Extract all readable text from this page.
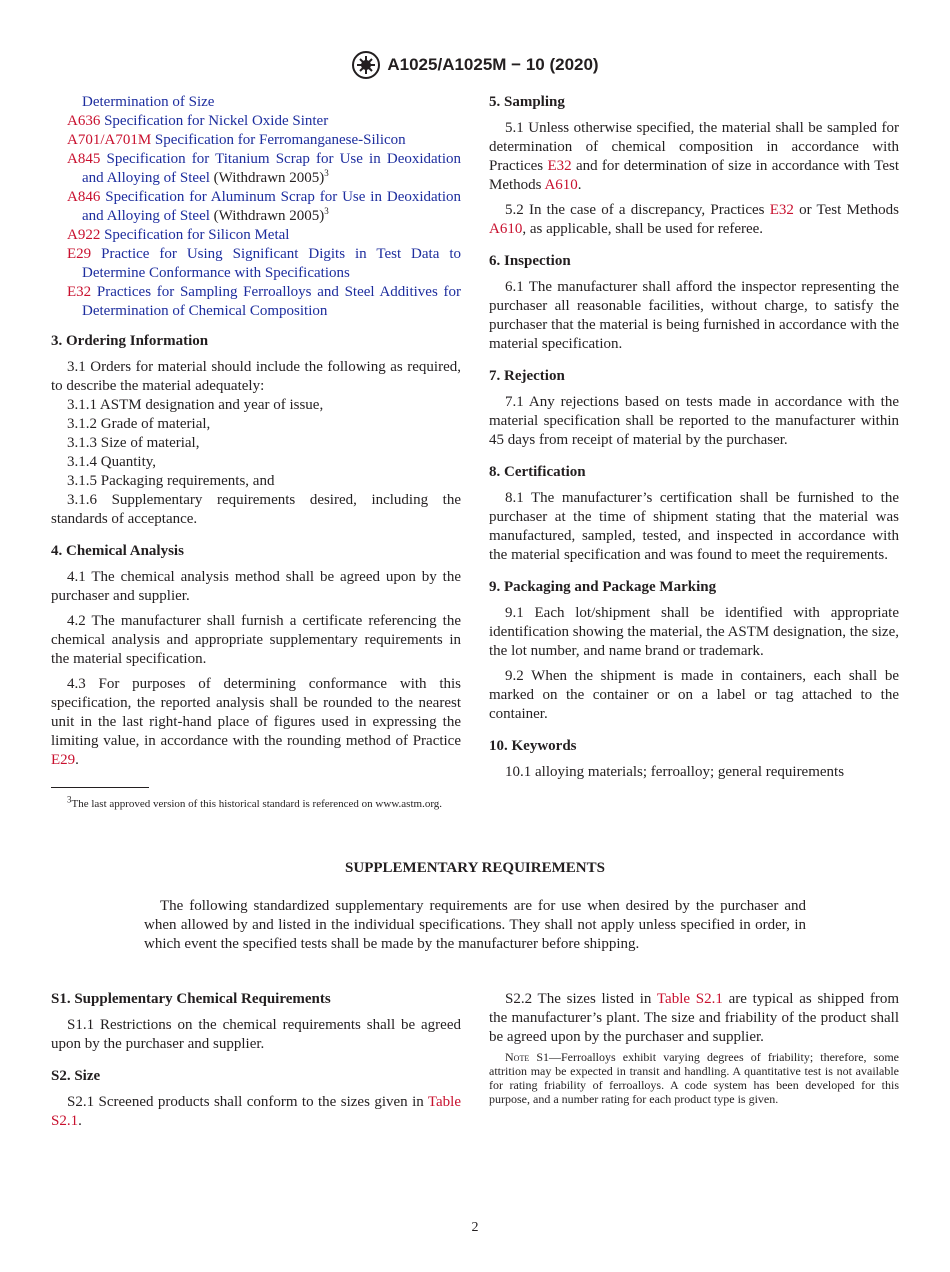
A1025/A1025M − 10 (2020)
Determination of Size
A636 Specification for Nickel Oxide Sinter
A701/A701M Specification for Ferromanganese-Silicon
A845 Specification for Titanium Scrap for Use in Deoxidation and Alloying of Steel (Withdrawn 2005)$^3$
A846 Specification for Aluminum Scrap for Use in Deoxidation and Alloying of Steel (Withdrawn 2005)$^3$
A922 Specification for Silicon Metal
E29 Practice for Using Significant Digits in Test Data to Determine Conformance with Specifications
E32 Practices for Sampling Ferroalloys and Steel Additives for Determination of Chemical Composition
3. Ordering Information

3.1 Orders for material should include the following as required, to describe the material adequately:

3.1.1 ASTM designation and year of issue,
3.1.2 Grade of material,
3.1.3 Size of material,
3.1.4 Quantity,
3.1.5 Packaging requirements, and
3.1.6 Supplementary requirements desired, including the standards of acceptance.
4. Chemical Analysis

4.1 The chemical analysis method shall be agreed upon by the purchaser and supplier.

4.2 The manufacturer shall furnish a certificate referencing the chemical analysis and appropriate supplementary requirements in the material specification.

4.3 For purposes of determining conformance with this specification, the reported analysis shall be rounded to the nearest unit in the last right-hand place of figures used in expressing the limiting value, in accordance with the rounding method of Practice E29.

$^3$The last approved version of this historical standard is referenced on www.astm.org.

5. Sampling

5.1 Unless otherwise specified, the material shall be sampled for determination of chemical composition in accordance with Practices E32 and for determination of size in accordance with Test Methods A610.

5.2 In the case of a discrepancy, Practices E32 or Test Methods A610, as applicable, shall be used for referee.

6. Inspection

6.1 The manufacturer shall afford the inspector representing the purchaser all reasonable facilities, without charge, to satisfy the purchaser that the material is being furnished in accordance with the material specification.

7. Rejection

7.1 Any rejections based on tests made in accordance with the material specification shall be reported to the manufacturer within 45 days from receipt of material by the purchaser.

8. Certification

8.1 The manufacturer’s certification shall be furnished to the purchaser at the time of shipment stating that the material was manufactured, sampled, tested, and inspected in accordance with the material specification and was found to meet the requirements.

9. Packaging and Package Marking

9.1 Each lot/shipment shall be identified with appropriate identification showing the material, the ASTM designation, the size, the lot number, and name brand or trademark.

9.2 When the shipment is made in containers, each shall be marked on the container or on a label or tag attached to the container.

10. Keywords

10.1 alloying materials; ferroalloy; general requirements

SUPPLEMENTARY REQUIREMENTS

The following standardized supplementary requirements are for use when desired by the purchaser and when allowed by and listed in the individual specifications. They shall not apply unless specified in order, in which event the specified tests shall be made by the manufacturer before shipping.

S1. Supplementary Chemical Requirements

S1.1 Restrictions on the chemical requirements shall be agreed upon by the purchaser and supplier.

S2. Size

S2.1 Screened products shall conform to the sizes given in Table S2.1.

S2.2 The sizes listed in Table S2.1 are typical as shipped from the manufacturer’s plant. The size and friability of the product shall be agreed upon by the purchaser and supplier.

Note S1—Ferroalloys exhibit varying degrees of friability; therefore, some attrition may be expected in transit and handling. A quantitative test is not available for rating friability of ferroalloys. A code system has been developed for this purpose, and a number rating for each product type is given.

2
